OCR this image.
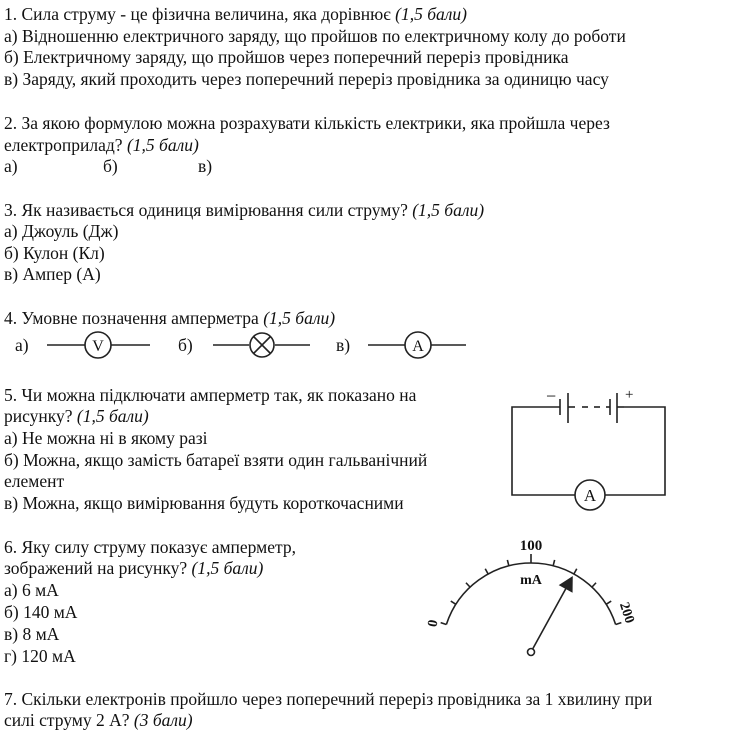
1. Сила струму - це фізична величина, яка дорівнює (1,5 бали)
а) Відношенню електричного заряду, що пройшов по електричному колу до роботи
б) Електричному заряду, що пройшов через поперечний переріз провідника
в) Заряду, який проходить через поперечний переріз провідника за одиницю часу
2. За якою формулою можна розрахувати кількість електрики, яка пройшла через
електроприлад? (1,5 бали)
а)	б)	в)
3. Як називається одиниця вимірювання сили струму? (1,5 бали)
а) Джоуль (Дж)
б) Кулон (Кл)
в) Ампер (А)
4. Умовне позначення амперметра (1,5 бали)
а)	б)	в)
V	A
−	+
A
100
mA
0	200
5. Чи можна підключати амперметр так, як показано на
рисунку? (1,5 бали)
а) Не можна ні в якому разі
б) Можна, якщо замість батареї взяти один гальванічний
елемент
в) Можна, якщо вимірювання будуть короткочасними
6. Яку силу струму показує амперметр,
зображений на рисунку? (1,5 бали)
а) 6 мА
б) 140 мА
в) 8 мА
г) 120 мА
7. Скільки електронів пройшло через поперечний переріз провідника за 1 хвилину при
силі струму 2 А? (3 бали)
